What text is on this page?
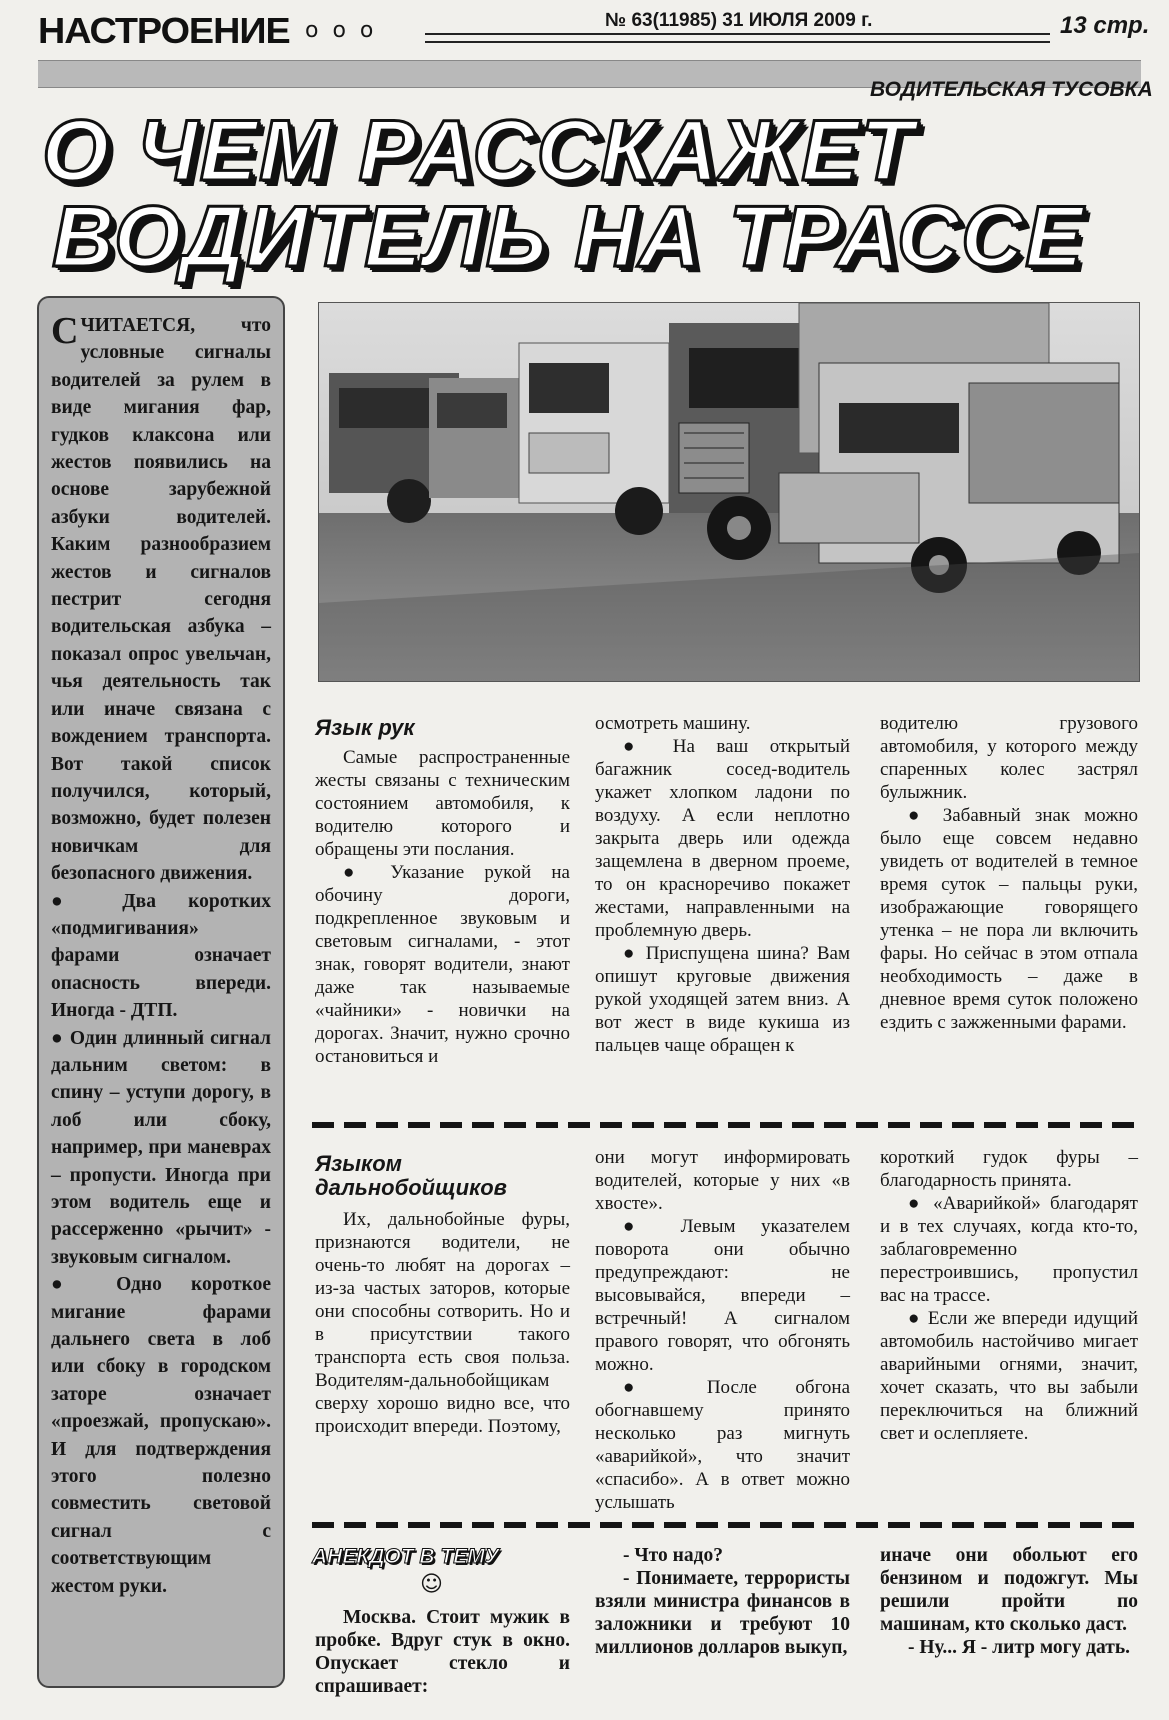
НАСТРОЕНИЕ ooo	№ 63(11985) 31 ИЮЛЯ 2009 г.	13 стр.
ВОДИТЕЛЬСКАЯ ТУСОВКА
О ЧЕМ РАССКАЖЕТ
ВОДИТЕЛЬ НА ТРАССЕ

СЧИТАЕТСЯ, что условные сигналы водителей за рулем в виде мигания фар, гудков клаксона или жестов появились на основе зарубежной азбуки водителей. Каким разнообразием жестов и сигналов пестрит сегодня водительская азбука – показал опрос увельчан, чья деятельность так или иначе связана с вождением транспорта. Вот такой список получился, который, возможно, будет полезен новичкам для безопасного движения.

● Два коротких «подмигивания» фарами означает опасность впереди. Иногда - ДТП.

● Один длинный сигнал дальним светом: в спину – уступи дорогу, в лоб или сбоку, например, при маневрах – пропусти. Иногда при этом водитель еще и рассерженно «рычит» - звуковым сигналом.

● Одно короткое мигание фарами дальнего света в лоб или сбоку в городском заторе означает «проезжай, пропускаю». И для подтверждения этого полезно совместить световой сигнал с соответствующим жестом руки.

Язык рук

Самые распространенные жесты связаны с техническим состоянием автомобиля, к водителю которого и обращены эти послания.

● Указание рукой на обочину дороги, подкрепленное звуковым и световым сигналами, - этот знак, говорят водители, знают даже так называемые «чайники» - новички на дорогах. Значит, нужно срочно остановиться и

осмотреть машину.

● На ваш открытый багажник сосед-водитель укажет хлопком ладони по воздуху. А если неплотно закрыта дверь или одежда защемлена в дверном проеме, то он красноречиво покажет жестами, направленными на проблемную дверь.

● Приспущена шина? Вам опишут круговые движения рукой уходящей затем вниз. А вот жест в виде кукиша из пальцев чаще обращен к

водителю грузового автомобиля, у которого между спаренных колес застрял булыжник.

● Забавный знак можно было еще совсем недавно увидеть от водителей в темное время суток – пальцы руки, изображающие говорящего утенка – не пора ли включить фары. Но сейчас в этом отпала необходимость – даже в дневное время суток положено ездить с зажженными фарами.

Языком дальнобойщиков

Их, дальнобойные фуры, признаются водители, не очень-то любят на дорогах – из-за частых заторов, которые они способны сотворить. Но и в присутствии такого транспорта есть своя польза. Водителям-дальнобойщикам сверху хорошо видно все, что происходит впереди. Поэтому,

они могут информировать водителей, которые у них «в хвосте».

● Левым указателем поворота они обычно предупреждают: не высовывайся, впереди – встречный! А сигналом правого говорят, что обгонять можно.

● После обгона обогнавшему принято несколько раз мигнуть «аварийкой», что значит «спасибо». А в ответ можно услышать

короткий гудок фуры – благодарность принята.

● «Аварийкой» благодарят и в тех случаях, когда кто-то, заблаговременно перестроившись, пропустил вас на трассе.

● Если же впереди идущий автомобиль настойчиво мигает аварийными огнями, значит, хочет сказать, что вы забыли переключиться на ближний свет и ослепляете.

АНЕКДОТ В ТЕМУ
☺

Москва. Стоит мужик в пробке. Вдруг стук в окно. Опускает стекло и спрашивает:

- Что надо?

- Понимаете, террористы взяли министра финансов в заложники и требуют 10 миллионов долларов выкуп,

иначе они обольют его бензином и подожгут. Мы решили пройти по машинам, кто сколько даст.

- Ну... Я - литр могу дать.
